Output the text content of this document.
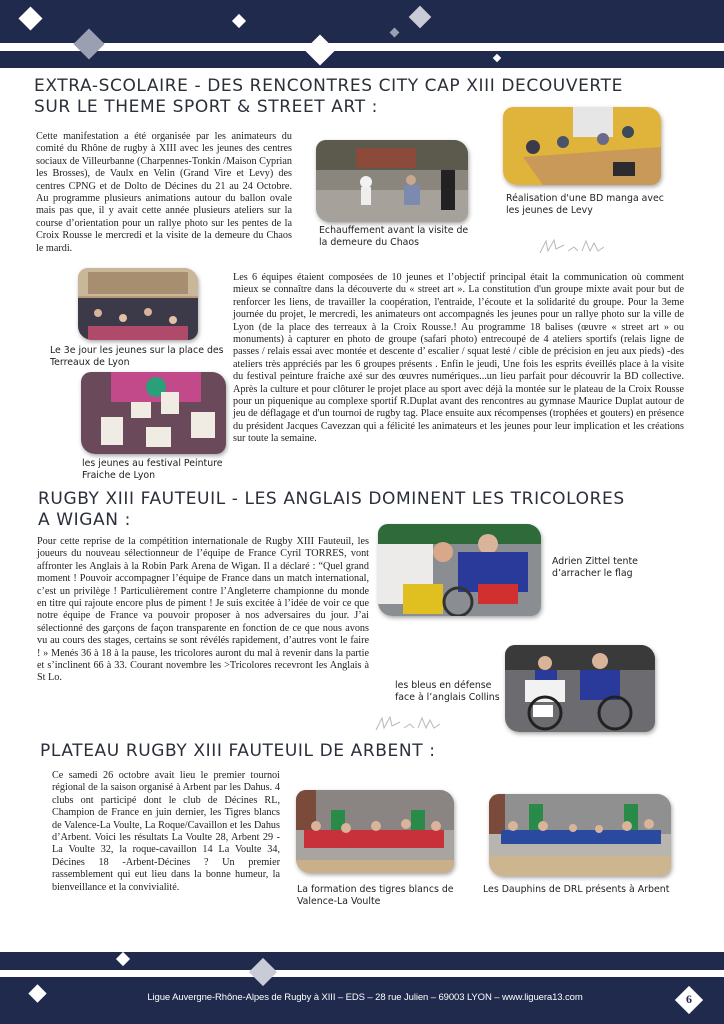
EXTRA-SCOLAIRE - DES RENCONTRES CITY CAP XIII DECOUVERTE
SUR LE THEME SPORT & STREET ART :
Cette manifestation a été organisée par les animateurs du comité du Rhône de rugby à XIII avec les jeunes des centres sociaux de Villeurbanne (Charpennes-Tonkin /Maison Cyprian les Brosses), de Vaulx en Velin (Grand Vire et Levy) des centres CPNG et de Dolto de Décines du 21 au 24 Octobre. Au programme plusieurs animations autour du ballon ovale mais pas que, il y avait cette année plusieurs ateliers sur la course d’orientation pour un rallye photo sur les pentes de la Croix Rousse le mercredi et la visite de la demeure du Chaos le mardi.
Echauffement avant la visite de la demeure du Chaos
Réalisation d'une BD manga avec les jeunes de Levy
Le 3e jour les jeunes sur la place des Terreaux de Lyon
les jeunes au festival Peinture Fraiche de Lyon
Les 6 équipes étaient composées de 10 jeunes et l’objectif principal était la communication où comment mieux se connaître dans la découverte du « street art ». La constitution d'un groupe mixte avait pour but de renforcer les liens, de travailler la coopération, l'entraide, l’écoute et la solidarité du groupe. Pour la 3eme journée du projet, le mercredi, les animateurs ont accompagnés les jeunes pour un rallye photo sur la ville de Lyon (de la place des terreaux à la Croix Rousse.! Au programme 18 balises (œuvre « street art » ou monuments) à capturer en photo de groupe (safari photo) entrecoupé de 4 ateliers sportifs (relais ligne de passes / relais essai avec montée et descente d’ escalier / squat lesté / cible de précision en jeu aux pieds) -des ateliers très appréciés par les 6 groupes présents . Enfin le jeudi, Une fois les esprits éveillés place à la visite du festival peinture fraiche axé sur des œuvres numériques...un lieu parfait pour découvrir la BD collective. Après la culture et pour clôturer le projet place au sport avec déjà la montée sur le plateau de la Croix Rousse pour un piquenique au complexe sportif R.Duplat avant des rencontres au gymnase Maurice Duplat autour de jeu de déflagage et d'un tournoi de rugby tag. Place ensuite aux récompenses (trophées et gouters) en présence du président Jacques Cavezzan qui a félicité les animateurs et les jeunes pour leur implication et les créations sur toute la semaine.
RUGBY XIII FAUTEUIL - LES ANGLAIS DOMINENT LES TRICOLORES
A WIGAN :
Pour cette reprise de la compétition internationale de Rugby XIII Fauteuil, les joueurs du nouveau sélectionneur de l’équipe de France Cyril TORRES, vont affronter les Anglais à la Robin Park Arena de Wigan. Il a déclaré : “Quel grand moment ! Pouvoir accompagner l’équipe de France dans un match international, c’est un privilège ! Particulièrement contre l’Angleterre championne du monde en titre qui rajoute encore plus de piment ! Je suis excitée à l’idée de voir ce que notre équipe de France va pouvoir proposer à nos adversaires du jour. J’ai sélectionné des garçons de façon transparente en fonction de ce que nous avons vu au cours des stages, certains se sont révélés rapidement, d’autres vont le faire ! » Menés 36 à 18 à la pause, les tricolores auront du mal à revenir dans la partie et s’inclinent 66 à 33. Courant novembre les >Tricolores recevront les Anglais à St Lo.
Adrien Zittel tente d’arracher le flag
les bleus en défense face à l’anglais Collins
PLATEAU RUGBY XIII FAUTEUIL DE ARBENT :
Ce samedi 26 octobre avait lieu le premier tournoi régional de la saison organisé à Arbent par les Dahus. 4 clubs ont participé dont le club de Décines RL, Champion de France en juin dernier, les Tigres blancs de Valence-La Voulte, La Roque/Cavaillon et les Dahus d’Arbent. Voici les résultats La Voulte 28, Arbent 29 -La Voulte 32, la roque-cavaillon 14 La Voulte 34, Décines 18 -Arbent-Décines ? Un premier rassemblement qui eut lieu dans la bonne humeur, la bienveillance et la convivialité.	La formation des tigres blancs de Valence-La Voulte
Les Dauphins de DRL présents à Arbent
Ligue Auvergne-Rhône-Alpes de Rugby à XIII – EDS – 28 rue Julien – 69003 LYON – www.liguera13.com	6
